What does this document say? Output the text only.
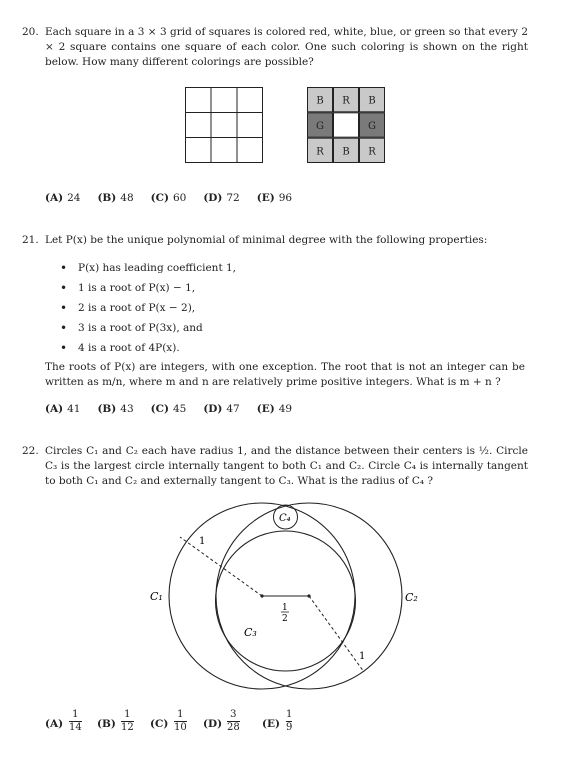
20. Each square in a 3 × 3 grid of squares is colored red, white, blue, or green so that every 2 × 2 square contains one square of each color. One such coloring is shown on the right below. How many different colorings are possible?
B R B
G	G
R B R
(A) 24 (B) 48 (C) 60 (D) 72 (E) 96
21. Let P(x) be the unique polynomial of minimal degree with the following properties:
• P(x) has leading coefficient 1,
• 1 is a root of P(x) − 1,
• 2 is a root of P(x − 2),
• 3 is a root of P(3x), and
• 4 is a root of 4P(x).
The roots of P(x) are integers, with one exception. The root that is not an integer can be written as m/n, where m and n are relatively prime positive integers. What is m + n ?
(A) 41 (B) 43 (C) 45 (D) 47 (E) 49
22. Circles C₁ and C₂ each have radius 1, and the distance between their centers is ½. Circle C₃ is the largest circle internally tangent to both C₁ and C₂. Circle C₄ is internally tangent to both C₁ and C₂ and externally tangent to C₃. What is the radius of C₄ ?
C₄
C₁	C₂
C₃
1
1
1
2
(A)
1
14 (B)
1
12 (C)
1
10 (D)
3
28 (E)
1
9
